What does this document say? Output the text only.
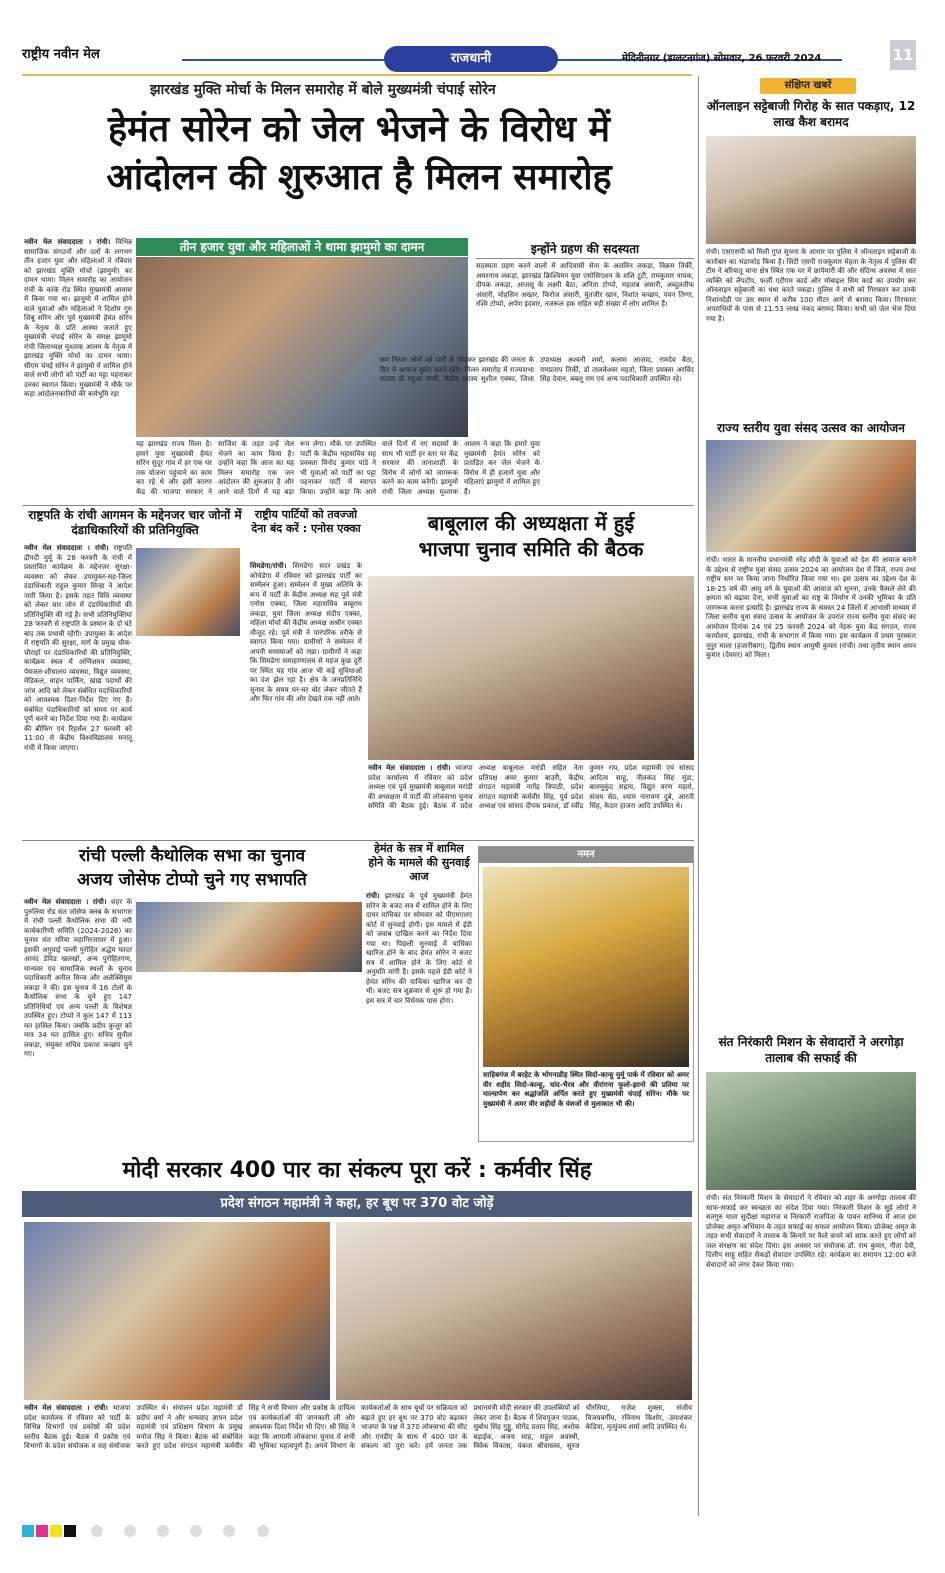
राष्ट्रीय नवीन मेल	राजधानी	मेदिनीनगर (डालटनगंज) सोमवार, 26 फरवरी 2024	11
झारखंड मुक्ति मोर्चा के मिलन समारोह में बोले मुख्यमंत्री चंपाई सोरेन
हेमंत सोरेन को जेल भेजने के विरोध में
आंदोलन की शुरुआत है मिलन समारोह
नवीन मेल संवाददाता । रांची। विभिन्न सामाजिक संगठनों और दलों के लगभग तीन हजार युवा और महिलाओं ने रविवार को झारखंड मुक्ति मोर्चा (झामुमो) का दामन थामा। मिलन समारोह का आयोजन रांची के कांके रोड स्थित मुख्यमंत्री आवास में किया गया था। झामुमो में शामिल होने वाले युवाओं और महिलाओं ने दिशोम गुरु शिबू सोरेन और पूर्व मुख्यमंत्री हेमंत सोरेन के नेतृत्व के प्रति आस्था जताते हुए मुख्यमंत्री चंपाई सोरेन के समक्ष झामुमो रांची जिलाध्यक्ष मुश्ताक आलम के नेतृत्व में झारखंड मुक्ति मोर्चा का दामन थामा। सीएम चंपई सोरेन ने झामुमो में शामिल होने वाले सभी लोगों को पार्टी का पट्टा पहनाकर उनका स्वागत किया। मुख्यमंत्री ने मौके पर कहा आंदोलनकारियों की कर्मभूमि रहा
तीन हजार युवा और महिलाओं ने थामा झामुमो का दामन	इन्होंने ग्रहण की सदस्यता
सदस्यता ग्रहण करने वालों में आदिवासी सेना के अलविन लकड़ा, विक्रम तिर्की, अमरनाथ लकड़ा, झारखंड क्रिश्चियन युवा एसोसिएशन के शशि टूटी, रामकुमार नायक, दीपक लकड़ा, आजसू के लक्ष्मी बैठा, अनिता टोप्पो, महताब अंसारी, अब्दुलतीफ अंसारी, मोहसिन अख्तर, फिरोज अंसारी, मुंतजीर खान, निशांत कच्छप, पवन तिग्गा, रश्मि टोप्पो, अर्पण इंदवार, नजरूल हक सहित बड़ी संख्या में लोग शामिल हैं।
यह झारखंड राज्य मिला है। हमारे युवा मुख्यमंत्री हेमंत सोरेन सुदूर गांव में हर एक घर तक योजना पहुंचाने का काम कर रहे थे और इसी कारण केंद्र की भाजपा सरकार ने साजिश के तहत उन्हें जेल भेजने का काम किया है। उन्होंने कहा कि आज का यह मिलन समारोह एक जन आंदोलन की शुरुआत है और आने वाले दिनों में यह बड़ा रूप लेगा। मौके पर उपस्थित पार्टी के केंद्रीय महासचिव सह प्रवक्ता विनोद कुमार पांडे ने भी युवाओं को पार्टी का पट्टा पहनाकर पार्टी में स्वागत किया। उन्होंने कहा कि आने वाले दिनों में नए सदस्यों के साथ भी पार्टी हर स्तर पर केंद्र सरकार की तानाशाही के विरोध में लोगों को जागरूक करने का काम करेगी। झामुमो रांची जिला अध्यक्ष मुश्ताक आलम ने कहा कि हमारे युवा मुख्यमंत्री हेमंत सोरेन को प्रताड़ित कर जेल भेजने के विरोध में ही हजारों युवा और महिलाएं झामुमो में शामिल हुए हैं।
सम निरंतर लोगों को पार्टी से जोड़कर झारखंड की जनता के हित में आवाज बुलंद करते रहेंगे। मिलन समारोह में राज्यसभा सदस्य डॉ महुआ माजी, केंद्रीय सदस्य सुशील एक्का, जिला उपाध्यक्ष अश्वनी शर्मा, कलाम आजाद, रामदेव बैठा, रामप्रताप तिर्की, डॉ तालकेश्वर महतो, जिला प्रवक्ता अरविंद सिंह देवान, बबलू राम एवं अन्य पदाधिकारी उपस्थित रहे।
राष्ट्रपति के रांची आगमन के मद्देनजर चार जोनों में दंडाधिकारियों की प्रतिनियुक्ति
नवीन मेल संवाददाता । रांची। राष्ट्रपति द्रौपदी मुर्मू के 28 फरवरी के रांची में प्रस्तावित कार्यक्रम के मद्देनजर सुरक्षा-व्यवस्था को लेकर उपायुक्त-सह-जिला दंडाधिकारी राहुल कुमार सिन्हा ने आदेश जारी किया है। इसके तहत विधि व्यवस्था को लेकर चार जोन में दंडाधिकारियों की प्रतिनियुक्ति की गई है। सभी प्रतिनियुक्तियां 28 फरवरी से राष्ट्रपति के प्रस्थान के दो घंटे बाद तक प्रभावी रहेंगी। उपायुक्त के आदेश में राष्ट्रपति की सुरक्षा, मार्ग के प्रमुख चौक-चौराहों पर दंडाधिकारियों की प्रतिनियुक्ति, कार्यक्रम स्थल में अग्निशमन व्यवस्था, पेयजल-शौचालय व्यवस्था, विद्युत व्यवस्था, मेडिकल, वाहन पार्किंग, खाद्य पदार्थों की जांच आदि को लेकर संबंधित पदाधिकारियों को आवश्यक दिशा-निर्देश दिए गए हैं। संबंधित पदाधिकारियों को समय पर कार्य पूर्ण करने का निर्देश दिया गया है। कार्यक्रम की ब्रीफिंग एवं रिहर्सल 27 फरवरी को 11:00 से केंद्रीय विश्वविद्यालय मनातू रांची में किया जाएगा।
राष्ट्रीय पार्टियों को तवज्जो देना बंद करें : एनोस एक्का
सिमडेगा/रांची। सिमडेगा सदर प्रखंड के कोचेडेगा में रविवार को झारखंड पार्टी का सम्मेलन हुआ। सम्मेलन में मुख्य अतिथि के रूप में पार्टी के केंद्रीय अध्यक्ष सह पूर्व मंत्री एनोस एक्का, जिला महासचिव बाबूराम लकड़ा, युवा जिला अध्यक्ष संदीप एक्का, महिला मोर्चा की केंद्रीय अध्यक्ष अश्रीन एक्का मौजूद रहे। पूर्व मंत्री ने पारंपरिक तरीके से स्वागत किया गया। ग्रामीणों ने सम्मेलन में अपनी समस्याओं को रखा। ग्रामीणों ने कहा कि सिमडेगा समाहरणालय से महज कुछ दूरी पर स्थित यह गांव आज भी कई सुविधाओं का दंश झेल रहा है। क्षेत्र के जनप्रतिनिधि चुनाव के समय घर-घर वोट लेकर जीतते हैं और फिर गांव की ओर देखते तक नहीं आते।
बाबूलाल की अध्यक्षता में हुई
भाजपा चुनाव समिति की बैठक
नवीन मेल संवाददाता । रांची। भाजपा प्रदेश कार्यालय में रविवार को प्रदेश अध्यक्ष एवं पूर्व मुख्यमंत्री बाबूलाल मरांडी की अध्यक्षता में पार्टी की लोकसभा चुनाव समिति की बैठक हुई। बैठक में प्रदेश अध्यक्ष बाबूलाल मरांडी सहित नेता प्रतिपक्ष अमर कुमार बाउरी, केंद्रीय संगठन महामंत्री नागेंद्र त्रिपाठी, प्रदेश संगठन महामंत्री कर्मवीर सिंह, पूर्व प्रदेश अध्यक्ष एवं सांसद दीपक प्रकाश, डॉ रवींद्र कुमार राय, प्रदेश महामंत्री एवं सांसद आदित्य साहू, नीलकंठ सिंह मुंडा, बालमुकुंद सहाय, विद्युत वरण महतो, संजय सेठ, श्याम नारायण दुबे, आरती सिंह, केदार हाजरा आदि उपस्थित थे।
रांची पल्ली कैथोलिक सभा का चुनाव
अजय जोसेफ टोप्पो चुने गए सभापति
नवीन मेल संवाददाता । रांची। शहर के पुरुलिया रोड संत जोसेफ क्लब के सभागार में रांची पल्ली कैथोलिक सभा की नयी कार्यकारिणी समिति (2024-2026) का चुनाव संत मरिया महागिरजाघर में हुआ। इसकी अगुवाई पल्ली पुरोहित अद्धेय फादर आनंद डेविड खलखो, अन्य पुरोहितगण, मान्यवर एवं सामाजिक स्थलों के चुनाव पदाधिकारी अनील मिन्ज और अलेक्सियुस लकड़ा ने की। इस चुनाव में 16 टोलों के कैथोलिक सभा के चुने हुए 147 प्रतिनिधियों एवं अन्य पल्ली के विशेषज्ञ उपस्थित हुए। टोप्पो ने कुल 147 में 113 मत हासिल किया। जबकि प्रदीप कुजूर को मात्र 34 मत हासिल हुए। सचिव सुनील लकड़ा, संयुक्त सचिव प्रकाश कच्छप चुने गए।
हेमंत के सत्र में शामिल होने के मामले की सुनवाई आज
रांची। झारखंड के पूर्व मुख्यमंत्री हेमंत सोरेन के बजट सत्र में शामिल होने के लिए दायर याचिका पर सोमवार को पीएमएलए कोर्ट में सुनवाई होगी। इस मामले में ईडी को जवाब दाखिल करने का निर्देश दिया गया था। पिछली सुनवाई में याचिका खारिज होने के बाद हेमंत सोरेन ने बजट सत्र में शामिल होने के लिए कोर्ट से अनुमति मांगी है। इसके पहले ईडी कोर्ट ने हेमंत सोरेन की याचिका खारिज कर दी थी। बजट सत्र शुक्रवार से शुरू हो गया है। इस सत्र में चार विधेयक पास होगा।
नमन
साहिबगंज में बरहेट के भोगनाडीह स्थित सिदो-कान्हू मुर्मू पार्क में रविवार को अमर वीर शहीद सिदो-कान्हू, चांद-भैरव और वीरांगना फूलो-झानो की प्रतिमा पर माल्यार्पण कर श्रद्धांजलि अर्पित करते हुए मुख्यमंत्री चंपाई सोरेन। मौके पर मुख्यमंत्री ने अमर वीर शहीदों के वंशजों से मुलाकात भी की।
मोदी सरकार 400 पार का संकल्प पूरा करें : कर्मवीर सिंह
प्रदेश संगठन महामंत्री ने कहा, हर बूथ पर 370 वोट जोड़ें
नवीन मेल संवाददाता । रांची। भाजपा प्रदेश कार्यालय में रविवार को पार्टी के विभिन्न विभागों एवं प्रकोष्ठों की प्रदेश स्तरीय बैठक हुई। बैठक में प्रकोष्ठ एवं विभागों के प्रदेश संयोजक व सह संयोजक उपस्थित थे। संचालन प्रदेश महामंत्री डॉ प्रदीप वर्मा ने और धन्यवाद ज्ञापन प्रदेश महामंत्री एवं प्रशिक्षण विभाग के प्रमुख मनोज सिंह ने किया। बैठक को संबोधित करते हुए प्रदेश संगठन महामंत्री कर्मवीर सिंह ने सभी विभाग और प्रकोष्ठ के दायित्व एवं कार्यकर्ताओं की जानकारी ली और आवश्यक दिशा निर्देश भी दिए। श्री सिंह ने कहा कि आगामी लोकसभा चुनाव में सभी की भूमिका महत्वपूर्ण है। अपने विभाग के कार्यकर्ताओं के साथ बूथों पर सक्रियता को बढ़ाते हुए हर बूथ पर 370 वोट बढ़ाकर भाजपा के पक्ष में 370 लोकसभा की सीट और एनडीए के साथ में 400 पार के संकल्प को पूरा करें। हमें जनता तक प्रधानमंत्री मोदी सरकार की उपलब्धियों को लेकर जाना है। बैठक में शिवपूजन पाठक, सुबोध सिंह गुड्डू, योगेंद्र प्रताप सिंह, अशोक बड़ाईक, अजय साह, राहुल अवस्थी, विवेक विकास, पंकज श्रीवास्तव, सुरज चौरसिया, राजेश शुक्ला, संजीव विजयवर्गीय, रविनाथ किशोर, उमाशंकर केडिया, मृत्युंजय शर्मा आदि उपस्थित थे।
संक्षिप्त खबरें
ऑनलाइन सट्टेबाजी गिरोह के सात पकड़ाए, 12 लाख कैश बरामद
रांची। एसएसपी को मिली गुप्त सूचना के आधार पर पुलिस ने ऑनलाइन सट्टेबाजी के कारोबार का भंडाफोड़ किया है। सिटी एसपी राजकुमार मेहता के नेतृत्व में पुलिस की टीम ने बरियातू थाना क्षेत्र स्थित एक घर में छापेमारी की और संदिग्ध अवस्था में सात व्यक्ति को लैपटॉप, फर्जी एटीएम कार्ड और मोबाइल सिम कार्ड का उपयोग कर ऑनलाइन सट्टेबाजी का धंधा करते पकड़ा। पुलिस ने सभी को गिरफ्तार कर उनके निशानदेही पर उस स्थान से करीब 100 मीटर आगे से बरामद किया। गिरफ्तार अपराधियों के पास से 11.53 लाख नकद बरामद किया। सभी को जेल भेज दिया गया है।
राज्य स्तरीय युवा संसद उत्सव का आयोजन
रांची। भारत के माननीय प्रधानमंत्री नरेंद्र मोदी के युवाओं को देश की आवाज बनाने के उद्देश्य से राष्ट्रीय युवा संसद उत्सव 2024 का आयोजन देश में जिले, राज्य तथा राष्ट्रीय स्तर पर किया जाना निर्धारित किया गया था। इस उत्सव का उद्देश्य देश के 18-25 वर्ष की आयु वर्ग के युवाओं की आवाज को सुनना, उनके फैसले लेने की क्षमता को बढ़ावा देना, सभी युवाओं का राष्ट्र के निर्माण में उनकी भूमिका के प्रति जागरूक करना इत्यादि है। झारखंड राज्य के समस्त 24 जिलों में आभासी माध्यम में जिला स्तरीय युवा संसद उत्सव के आयोजन के उपरांत राज्य स्तरीय युवा संसद का आयोजन दिनांक 24 एवं 25 फरवरी 2024 को नेहरू युवा केंद्र संगठन, राज्य कार्यालय, झारखंड, रांची के सभागार में किया गया। इस कार्यक्रम में प्रथम पुरस्कार नूपुर माला (हजारीबाग), द्वितीय स्थान आयुषी कुमार (रांची) तथा तृतीय स्थान अमन कुमार (देवघर) को मिला।
संत निरंकारी मिशन के सेवादारों ने अरगोड़ा तालाब की सफाई की
रांची। संत निरंकारी मिशन के सेवादारों ने रविवार को शहर के अरगोड़ा तालाब की साफ-सफाई कर स्वच्छता का संदेश दिया गया। निरंकारी मिशन के सुहे लोगों ने सतगुरु माता सुदीक्षा महाराज व निरंकारी राजपिता के पावन सानिध्य में आज हम प्रोजेक्ट अमृत अभियान के तहत सफाई का सफल आयोजन किया। प्रोजेक्ट अमृत के तहत सभी सेवादारों ने तालाब के किनारे पर फैले कचरे को साफ करते हुए लोगों को जल संरक्षण का संदेश दिया। इस अवसर पर संयोजक डॉ. राम कुमार, गीता देवी, दिलीप साहू सहित सैकड़ों सेवादार उपस्थित रहे। कार्यक्रम का समापन 12:00 बजे सेवादारों को लंगर देकर किया गया।
